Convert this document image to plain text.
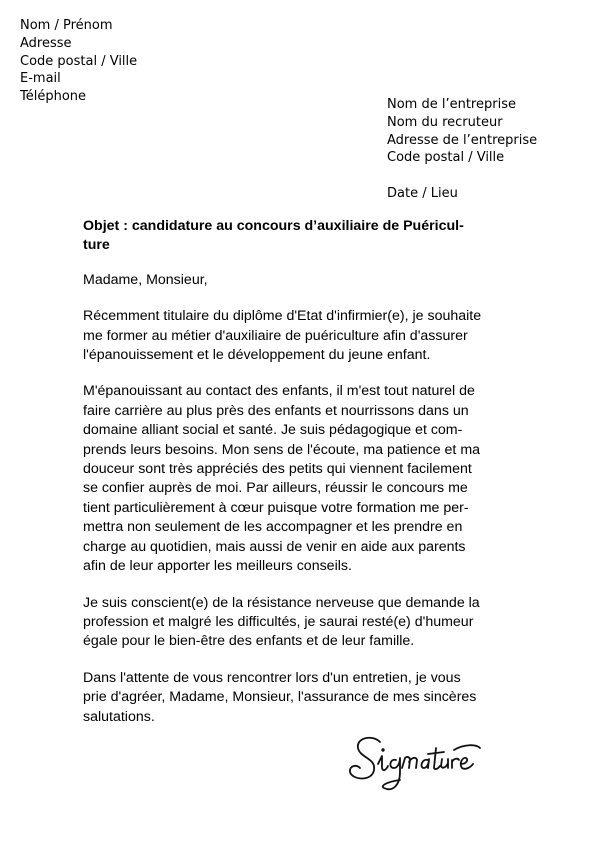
Nom / Prénom
Adresse
Code postal / Ville
E-mail
Téléphone
Nom de l’entreprise
Nom du recruteur
Adresse de l’entreprise
Code postal / Ville
Date / Lieu
Objet : candidature au concours d’auxiliaire de Puéricul-
ture
Madame, Monsieur,
Récemment titulaire du diplôme d'Etat d'infirmier(e), je souhaite
me former au métier d'auxiliaire de puériculture afin d'assurer
l'épanouissement et le développement du jeune enfant.
M'épanouissant au contact des enfants, il m'est tout naturel de
faire carrière au plus près des enfants et nourrissons dans un
domaine alliant social et santé. Je suis pédagogique et com-
prends leurs besoins. Mon sens de l'écoute, ma patience et ma
douceur sont très appréciés des petits qui viennent facilement
se confier auprès de moi. Par ailleurs, réussir le concours me
tient particulièrement à cœur puisque votre formation me per-
mettra non seulement de les accompagner et les prendre en
charge au quotidien, mais aussi de venir en aide aux parents
afin de leur apporter les meilleurs conseils.
Je suis conscient(e) de la résistance nerveuse que demande la
profession et malgré les difficultés, je saurai resté(e) d'humeur
égale pour le bien-être des enfants et de leur famille.
Dans l'attente de vous rencontrer lors d'un entretien, je vous
prie d'agréer, Madame, Monsieur, l'assurance de mes sincères
salutations.
